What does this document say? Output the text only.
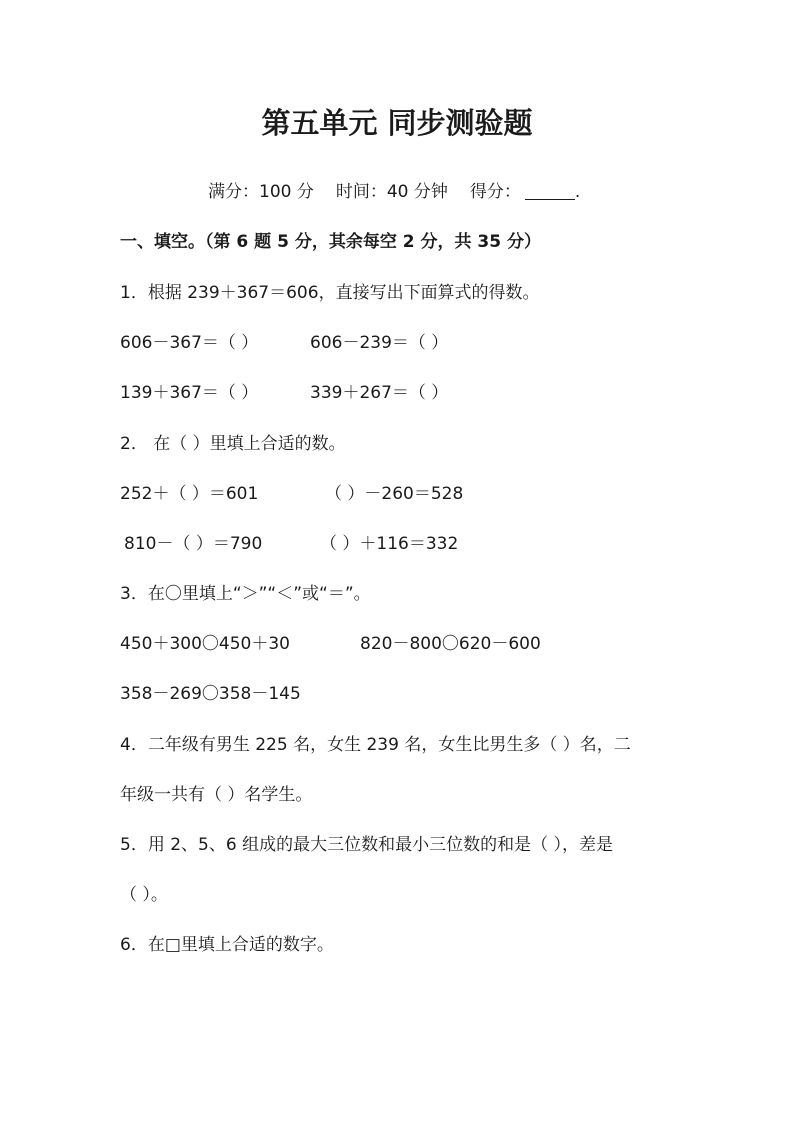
第五单元 同步测验题
满分：100 分 时间：40 分钟 得分：	.

一、填空。（第 6 题 5 分，其余每空 2 分，共 35 分）

1．根据 239＋367＝606，直接写出下面算式的得数。

606－367＝（ ）	606－239＝（ ）

139＋367＝（ ）	339＋267＝（ ）

2． 在（ ）里填上合适的数。

252＋（ ）＝601	（ ）－260＝528

810－（ ）＝790	（ ）＋116＝332

3．在〇里填上“＞”“＜”或“＝”。

450＋300〇450＋30	820－800〇620－600

358－269〇358－145

4．二年级有男生 225 名，女生 239 名，女生比男生多（ ）名，二

年级一共有（ ）名学生。

5．用 2、5、6 组成的最大三位数和最小三位数的和是（ ），差是

（ ）。

6．在□里填上合适的数字。
